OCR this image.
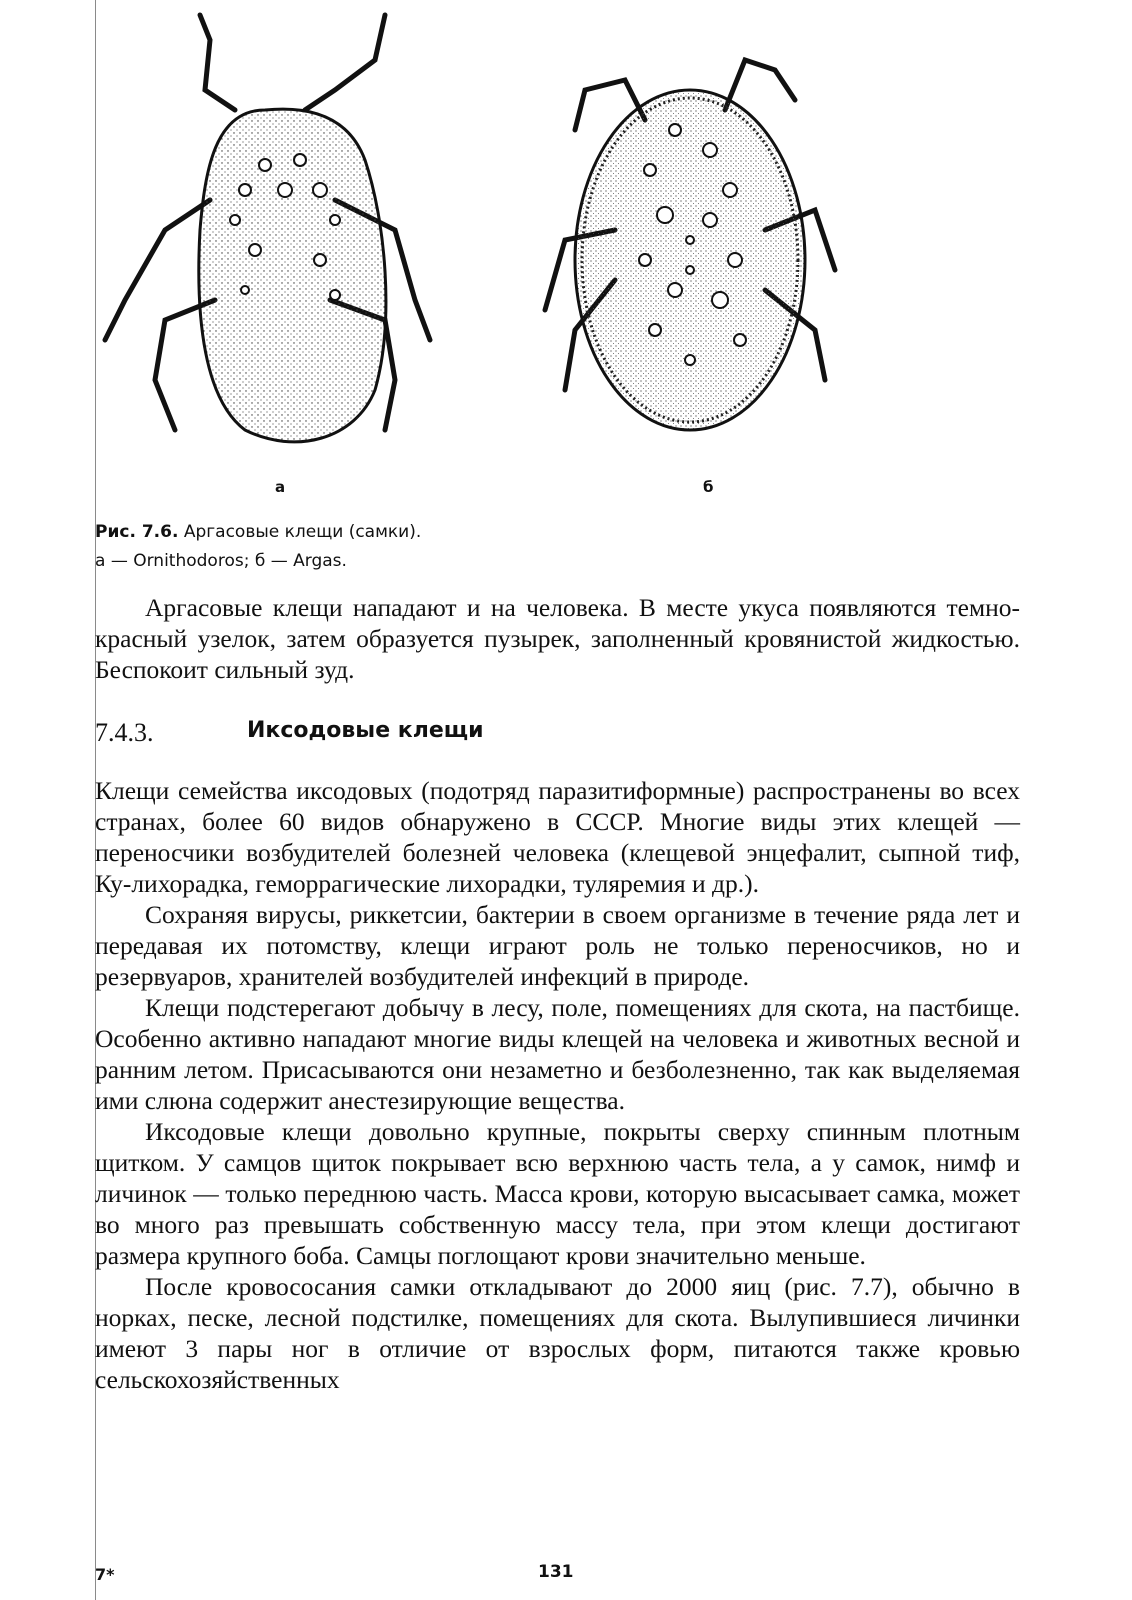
а	б
Рис. 7.6. Аргасовые клещи (самки).
а — Ornithodoros; б — Argas.

Аргасовые клещи нападают и на человека. В месте укуса появляются темно-красный узелок, затем образуется пузырек, заполненный кровянистой жидкостью. Беспокоит сильный зуд.

7.4.3.	Иксодовые клещи

Клещи семейства иксодовых (подотряд паразитиформные) распространены во всех странах, более 60 видов обнаружено в СССР. Многие виды этих клещей — переносчики возбудителей болезней человека (клещевой энцефалит, сыпной тиф, Ку-лихорадка, геморрагические лихорадки, туляремия и др.).

Сохраняя вирусы, риккетсии, бактерии в своем организме в течение ряда лет и передавая их потомству, клещи играют роль не только переносчиков, но и резервуаров, хранителей возбудителей инфекций в природе.

Клещи подстерегают добычу в лесу, поле, помещениях для скота, на пастбище. Особенно активно нападают многие виды клещей на человека и животных весной и ранним летом. Присасываются они незаметно и безболезненно, так как выделяемая ими слюна содержит анестезирующие вещества.

Иксодовые клещи довольно крупные, покрыты сверху спинным плотным щитком. У самцов щиток покрывает всю верхнюю часть тела, а у самок, нимф и личинок — только переднюю часть. Масса крови, которую высасывает самка, может во много раз превышать собственную массу тела, при этом клещи достигают размера крупного боба. Самцы поглощают крови значительно меньше.

После кровососания самки откладывают до 2000 яиц (рис. 7.7), обычно в норках, песке, лесной подстилке, помещениях для скота. Вылупившиеся личинки имеют 3 пары ног в отличие от взрослых форм, питаются также кровью сельскохозяйственных

7*	131
